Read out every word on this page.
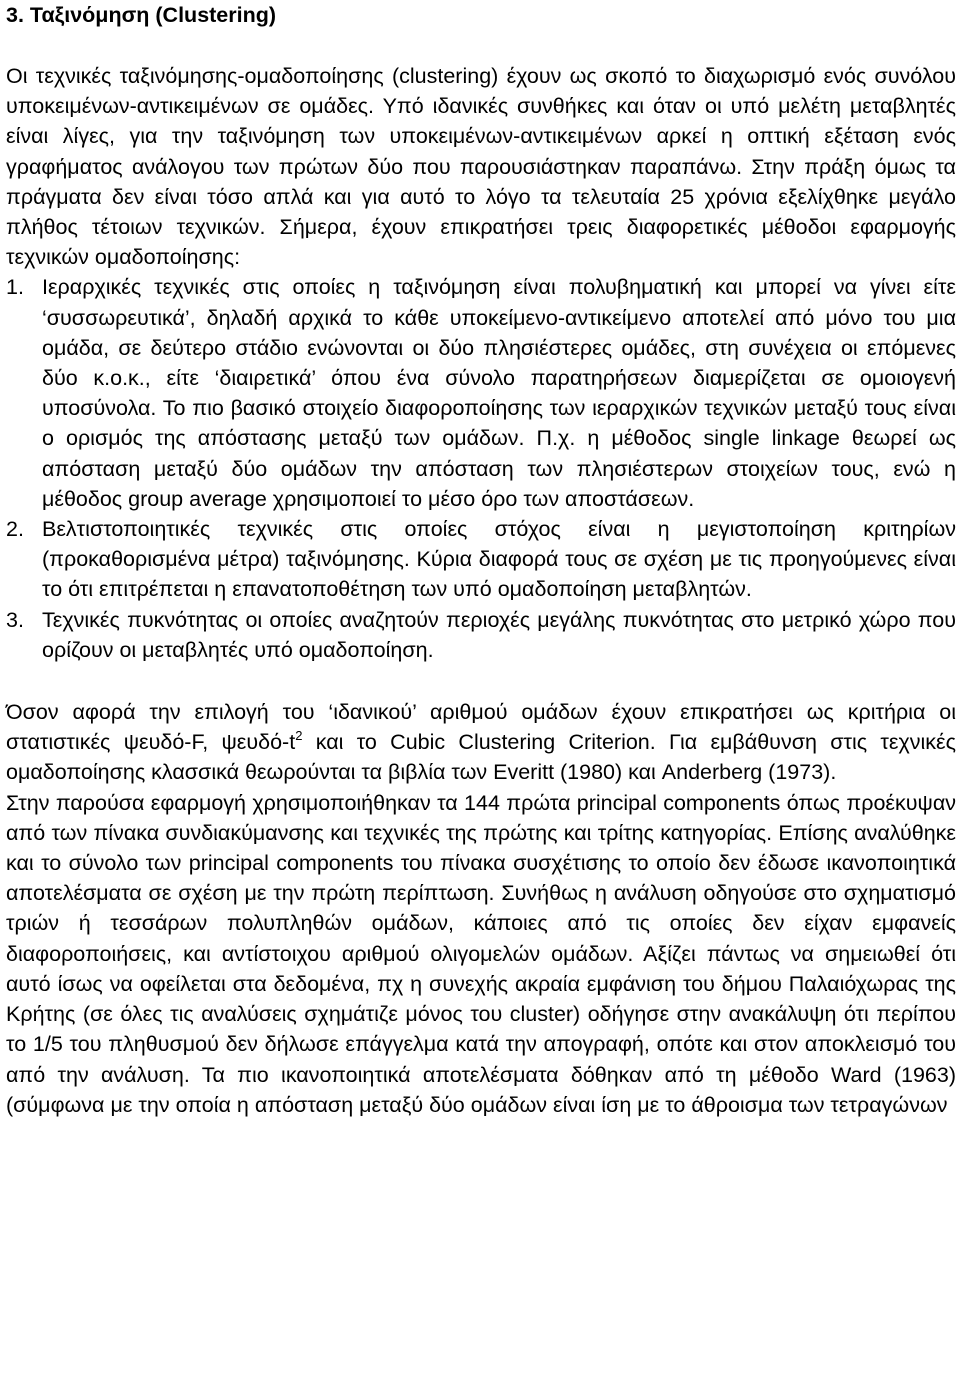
3. Ταξινόμηση (Clustering)

Οι τεχνικές ταξινόμησης-ομαδοποίησης (clustering) έχουν ως σκοπό το διαχωρισμό ενός συνόλου υποκειμένων-αντικειμένων σε ομάδες. Υπό ιδανικές συνθήκες και όταν οι υπό μελέτη μεταβλητές είναι λίγες, για την ταξινόμηση των υποκειμένων-αντικειμένων αρκεί η οπτική εξέταση ενός γραφήματος ανάλογου των πρώτων δύο που παρουσιάστηκαν παραπάνω. Στην πράξη όμως τα πράγματα δεν είναι τόσο απλά και για αυτό το λόγο τα τελευταία 25 χρόνια εξελίχθηκε μεγάλο πλήθος τέτοιων τεχνικών. Σήμερα, έχουν επικρατήσει τρεις διαφορετικές μέθοδοι εφαρμογής τεχνικών ομαδοποίησης:

1. Ιεραρχικές τεχνικές στις οποίες η ταξινόμηση είναι πολυβηματική και μπορεί να γίνει είτε ‘συσσωρευτικά’, δηλαδή αρχικά το κάθε υποκείμενο-αντικείμενο αποτελεί από μόνο του μια ομάδα, σε δεύτερο στάδιο ενώνονται οι δύο πλησιέστερες ομάδες, στη συνέχεια οι επόμενες δύο κ.ο.κ., είτε ‘διαιρετικά’ όπου ένα σύνολο παρατηρήσεων διαμερίζεται σε ομοιογενή υποσύνολα. Το πιο βασικό στοιχείο διαφοροποίησης των ιεραρχικών τεχνικών μεταξύ τους είναι ο ορισμός της απόστασης μεταξύ των ομάδων. Π.χ. η μέθοδος single linkage θεωρεί ως απόσταση μεταξύ δύο ομάδων την απόσταση των πλησιέστερων στοιχείων τους, ενώ η μέθοδος group average χρησιμοποιεί το μέσο όρο των αποστάσεων.
2. Βελτιστοποιητικές τεχνικές στις οποίες στόχος είναι η μεγιστοποίηση κριτηρίων (προκαθορισμένα μέτρα) ταξινόμησης. Κύρια διαφορά τους σε σχέση με τις προηγούμενες είναι το ότι επιτρέπεται η επανατοποθέτηση των υπό ομαδοποίηση μεταβλητών.
3. Τεχνικές πυκνότητας οι οποίες αναζητούν περιοχές μεγάλης πυκνότητας στο μετρικό χώρο που ορίζουν οι μεταβλητές υπό ομαδοποίηση.

Όσον αφορά την επιλογή του ‘ιδανικού’ αριθμού ομάδων έχουν επικρατήσει ως κριτήρια οι στατιστικές ψευδό-F, ψευδό-$t^2$ και το Cubic Clustering Criterion. Για εμβάθυνση στις τεχνικές ομαδοποίησης κλασσικά θεωρούνται τα βιβλία των Everitt (1980) και Anderberg (1973).

Στην παρούσα εφαρμογή χρησιμοποιήθηκαν τα 144 πρώτα principal components όπως προέκυψαν από των πίνακα συνδιακύμανσης και τεχνικές της πρώτης και τρίτης κατηγορίας. Επίσης αναλύθηκε και το σύνολο των principal components του πίνακα συσχέτισης το οποίο δεν έδωσε ικανοποιητικά αποτελέσματα σε σχέση με την πρώτη περίπτωση. Συνήθως η ανάλυση οδηγούσε στο σχηματισμό τριών ή τεσσάρων πολυπληθών ομάδων, κάποιες από τις οποίες δεν είχαν εμφανείς διαφοροποιήσεις, και αντίστοιχου αριθμού ολιγομελών ομάδων. Αξίζει πάντως να σημειωθεί ότι αυτό ίσως να οφείλεται στα δεδομένα, πχ η συνεχής ακραία εμφάνιση του δήμου Παλαιόχωρας της Κρήτης (σε όλες τις αναλύσεις σχημάτιζε μόνος του cluster) οδήγησε στην ανακάλυψη ότι περίπου το 1/5 του πληθυσμού δεν δήλωσε επάγγελμα κατά την απογραφή, οπότε και στον αποκλεισμό του από την ανάλυση. Τα πιο ικανοποιητικά αποτελέσματα δόθηκαν από τη μέθοδο Ward (1963) (σύμφωνα με την οποία η απόσταση μεταξύ δύο ομάδων είναι ίση με το άθροισμα των τετραγώνων
